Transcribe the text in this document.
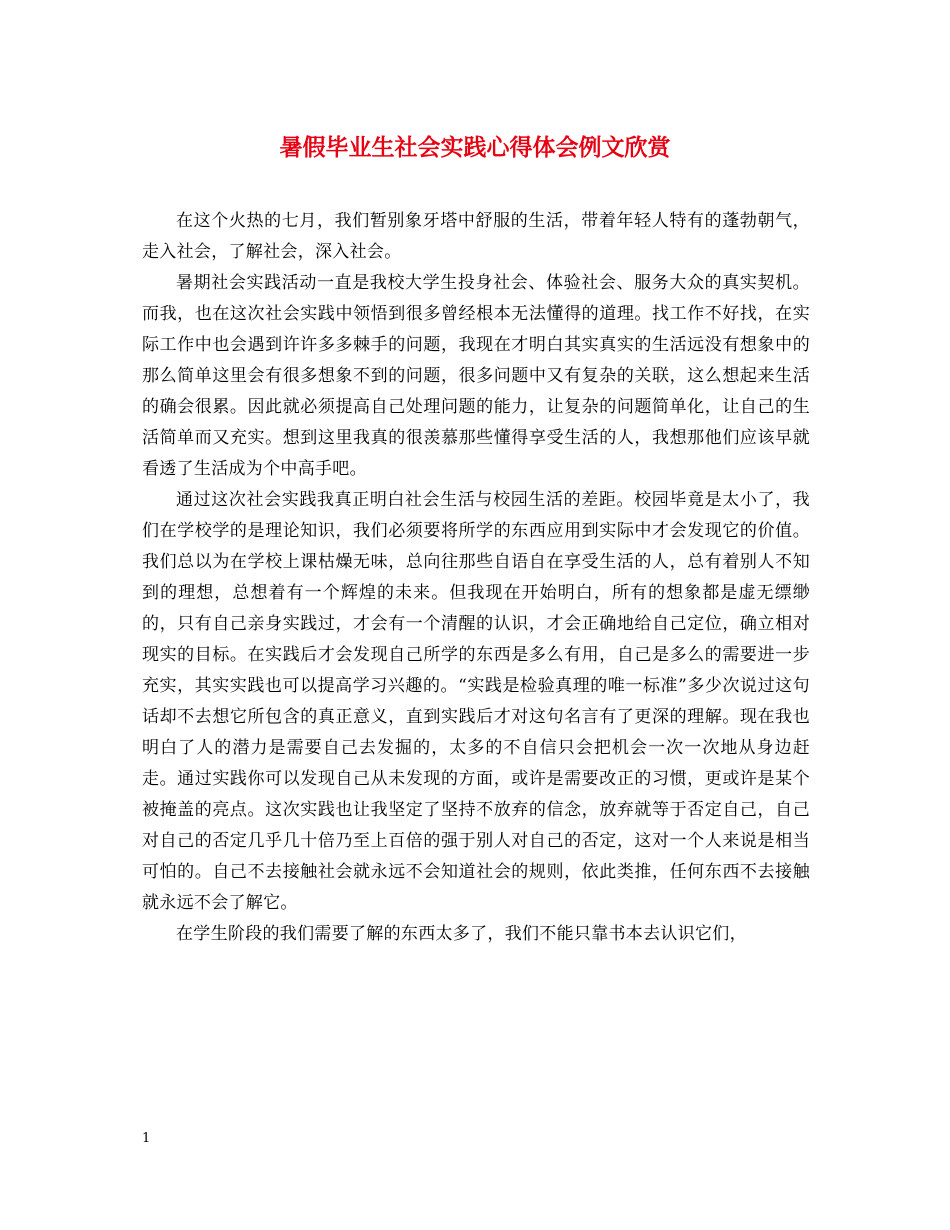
暑假毕业生社会实践心得体会例文欣赏

在这个火热的七月，我们暂别象牙塔中舒服的生活，带着年轻人特有的蓬勃朝气，走入社会，了解社会，深入社会。

暑期社会实践活动一直是我校大学生投身社会、体验社会、服务大众的真实契机。而我，也在这次社会实践中领悟到很多曾经根本无法懂得的道理。找工作不好找，在实际工作中也会遇到许许多多棘手的问题，我现在才明白其实真实的生活远没有想象中的那么简单这里会有很多想象不到的问题，很多问题中又有复杂的关联，这么想起来生活的确会很累。因此就必须提高自己处理问题的能力，让复杂的问题简单化，让自己的生活简单而又充实。想到这里我真的很羡慕那些懂得享受生活的人，我想那他们应该早就看透了生活成为个中高手吧。

通过这次社会实践我真正明白社会生活与校园生活的差距。校园毕竟是太小了，我们在学校学的是理论知识，我们必须要将所学的东西应用到实际中才会发现它的价值。我们总以为在学校上课枯燥无味，总向往那些自语自在享受生活的人，总有着别人不知到的理想，总想着有一个辉煌的未来。但我现在开始明白，所有的想象都是虚无缥缈的，只有自己亲身实践过，才会有一个清醒的认识，才会正确地给自己定位，确立相对现实的目标。在实践后才会发现自己所学的东西是多么有用，自己是多么的需要进一步充实，其实实践也可以提高学习兴趣的。“实践是检验真理的唯一标准”多少次说过这句话却不去想它所包含的真正意义，直到实践后才对这句名言有了更深的理解。现在我也明白了人的潜力是需要自己去发掘的，太多的不自信只会把机会一次一次地从身边赶走。通过实践你可以发现自己从未发现的方面，或许是需要改正的习惯，更或许是某个被掩盖的亮点。这次实践也让我坚定了坚持不放弃的信念，放弃就等于否定自己，自己对自己的否定几乎几十倍乃至上百倍的强于别人对自己的否定，这对一个人来说是相当可怕的。自己不去接触社会就永远不会知道社会的规则，依此类推，任何东西不去接触就永远不会了解它。

在学生阶段的我们需要了解的东西太多了，我们不能只靠书本去认识它们，

1
